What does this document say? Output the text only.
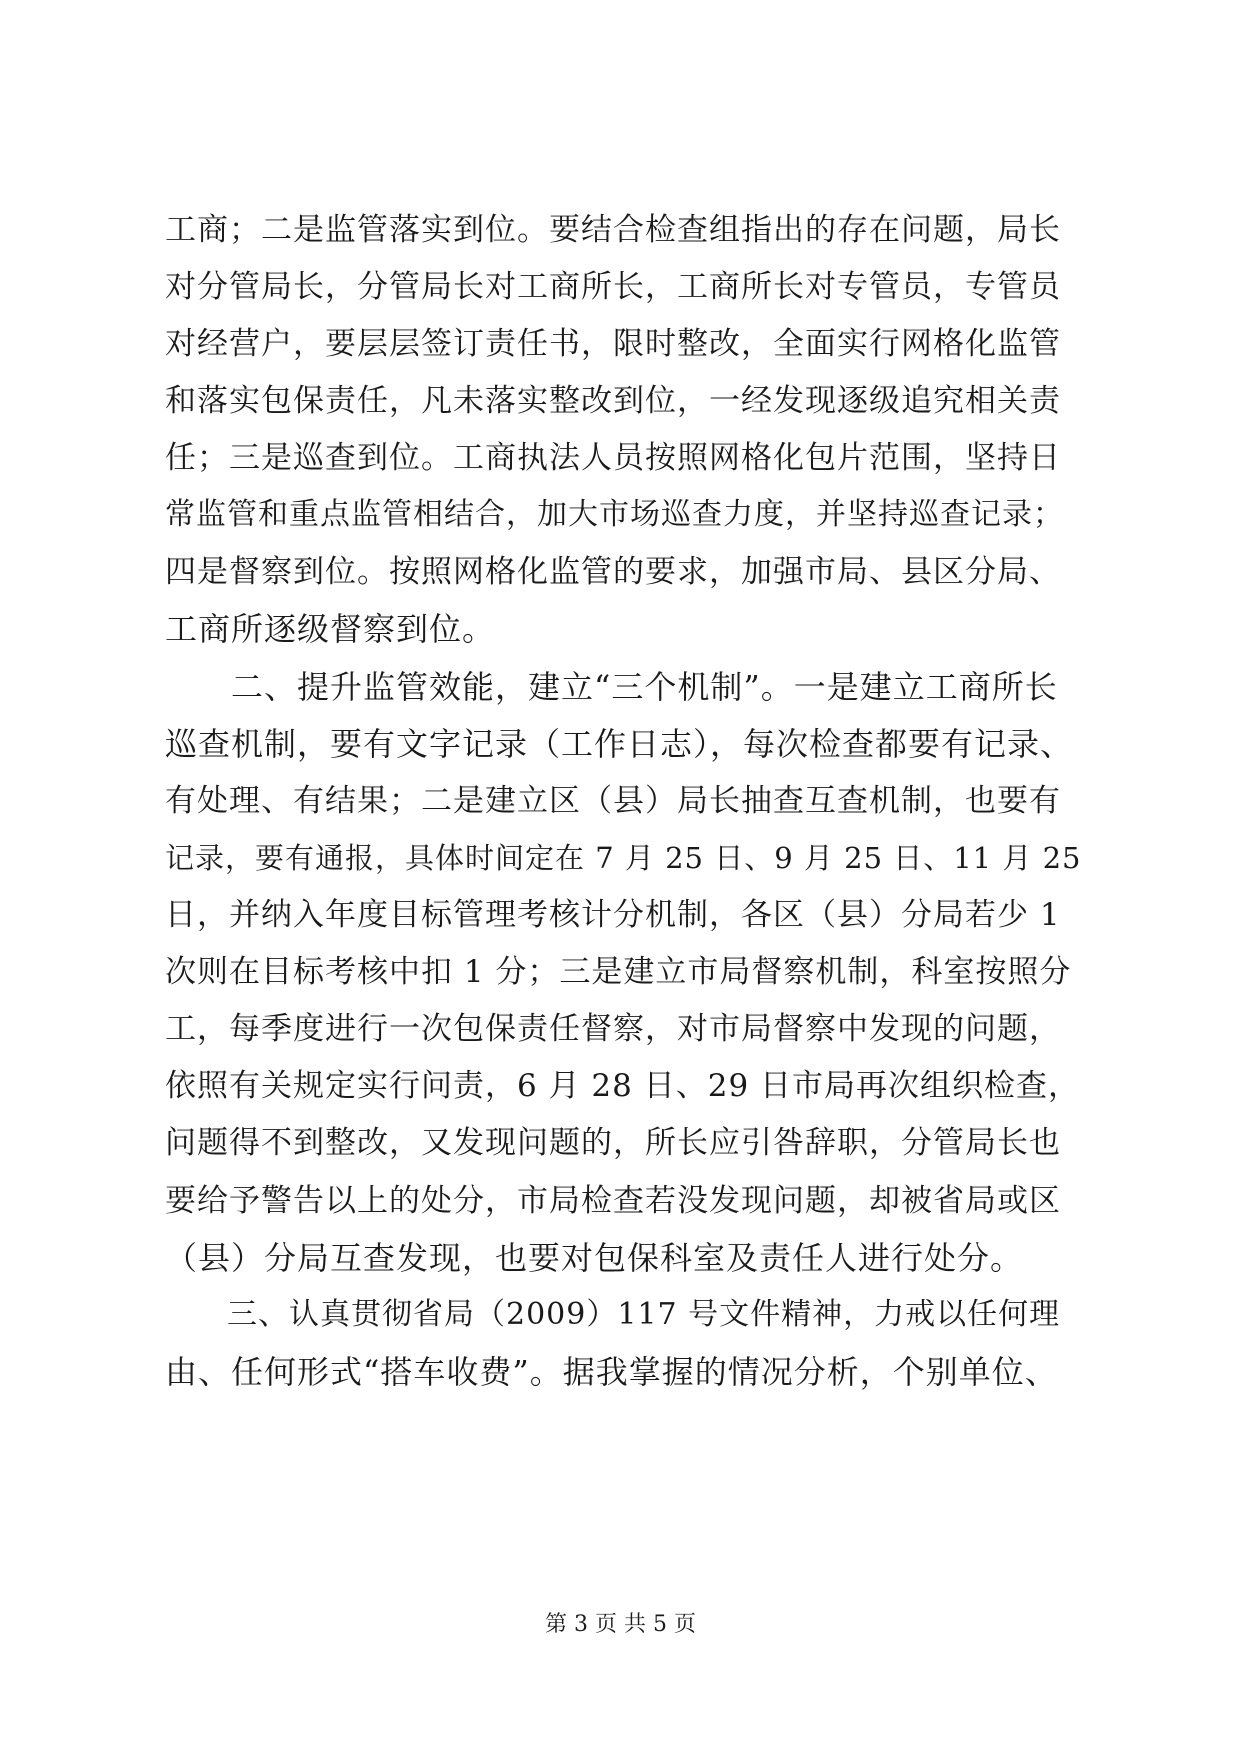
工商；二是监管落实到位。要结合检查组指出的存在问题，局长
对分管局长，分管局长对工商所长，工商所长对专管员，专管员
对经营户，要层层签订责任书，限时整改，全面实行网格化监管
和落实包保责任，凡未落实整改到位，一经发现逐级追究相关责
任；三是巡查到位。工商执法人员按照网格化包片范围，坚持日
常监管和重点监管相结合，加大市场巡查力度，并坚持巡查记录；
四是督察到位。按照网格化监管的要求，加强市局、县区分局、
工商所逐级督察到位。
　　二、提升监管效能，建立“三个机制”。一是建立工商所长
巡查机制，要有文字记录（工作日志），每次检查都要有记录、
有处理、有结果；二是建立区（县）局长抽查互查机制，也要有
记录，要有通报，具体时间定在 7 月 25 日、9 月 25 日、11 月 25
日，并纳入年度目标管理考核计分机制，各区（县）分局若少 1
次则在目标考核中扣 1 分；三是建立市局督察机制，科室按照分
工，每季度进行一次包保责任督察，对市局督察中发现的问题，
依照有关规定实行问责，6 月 28 日、29 日市局再次组织检查，
问题得不到整改，又发现问题的，所长应引咎辞职，分管局长也
要给予警告以上的处分，市局检查若没发现问题，却被省局或区
（县）分局互查发现，也要对包保科室及责任人进行处分。
　　三、认真贯彻省局（2009）117 号文件精神，力戒以任何理
由、任何形式“搭车收费”。据我掌握的情况分析，个别单位、
第 3 页 共 5 页
